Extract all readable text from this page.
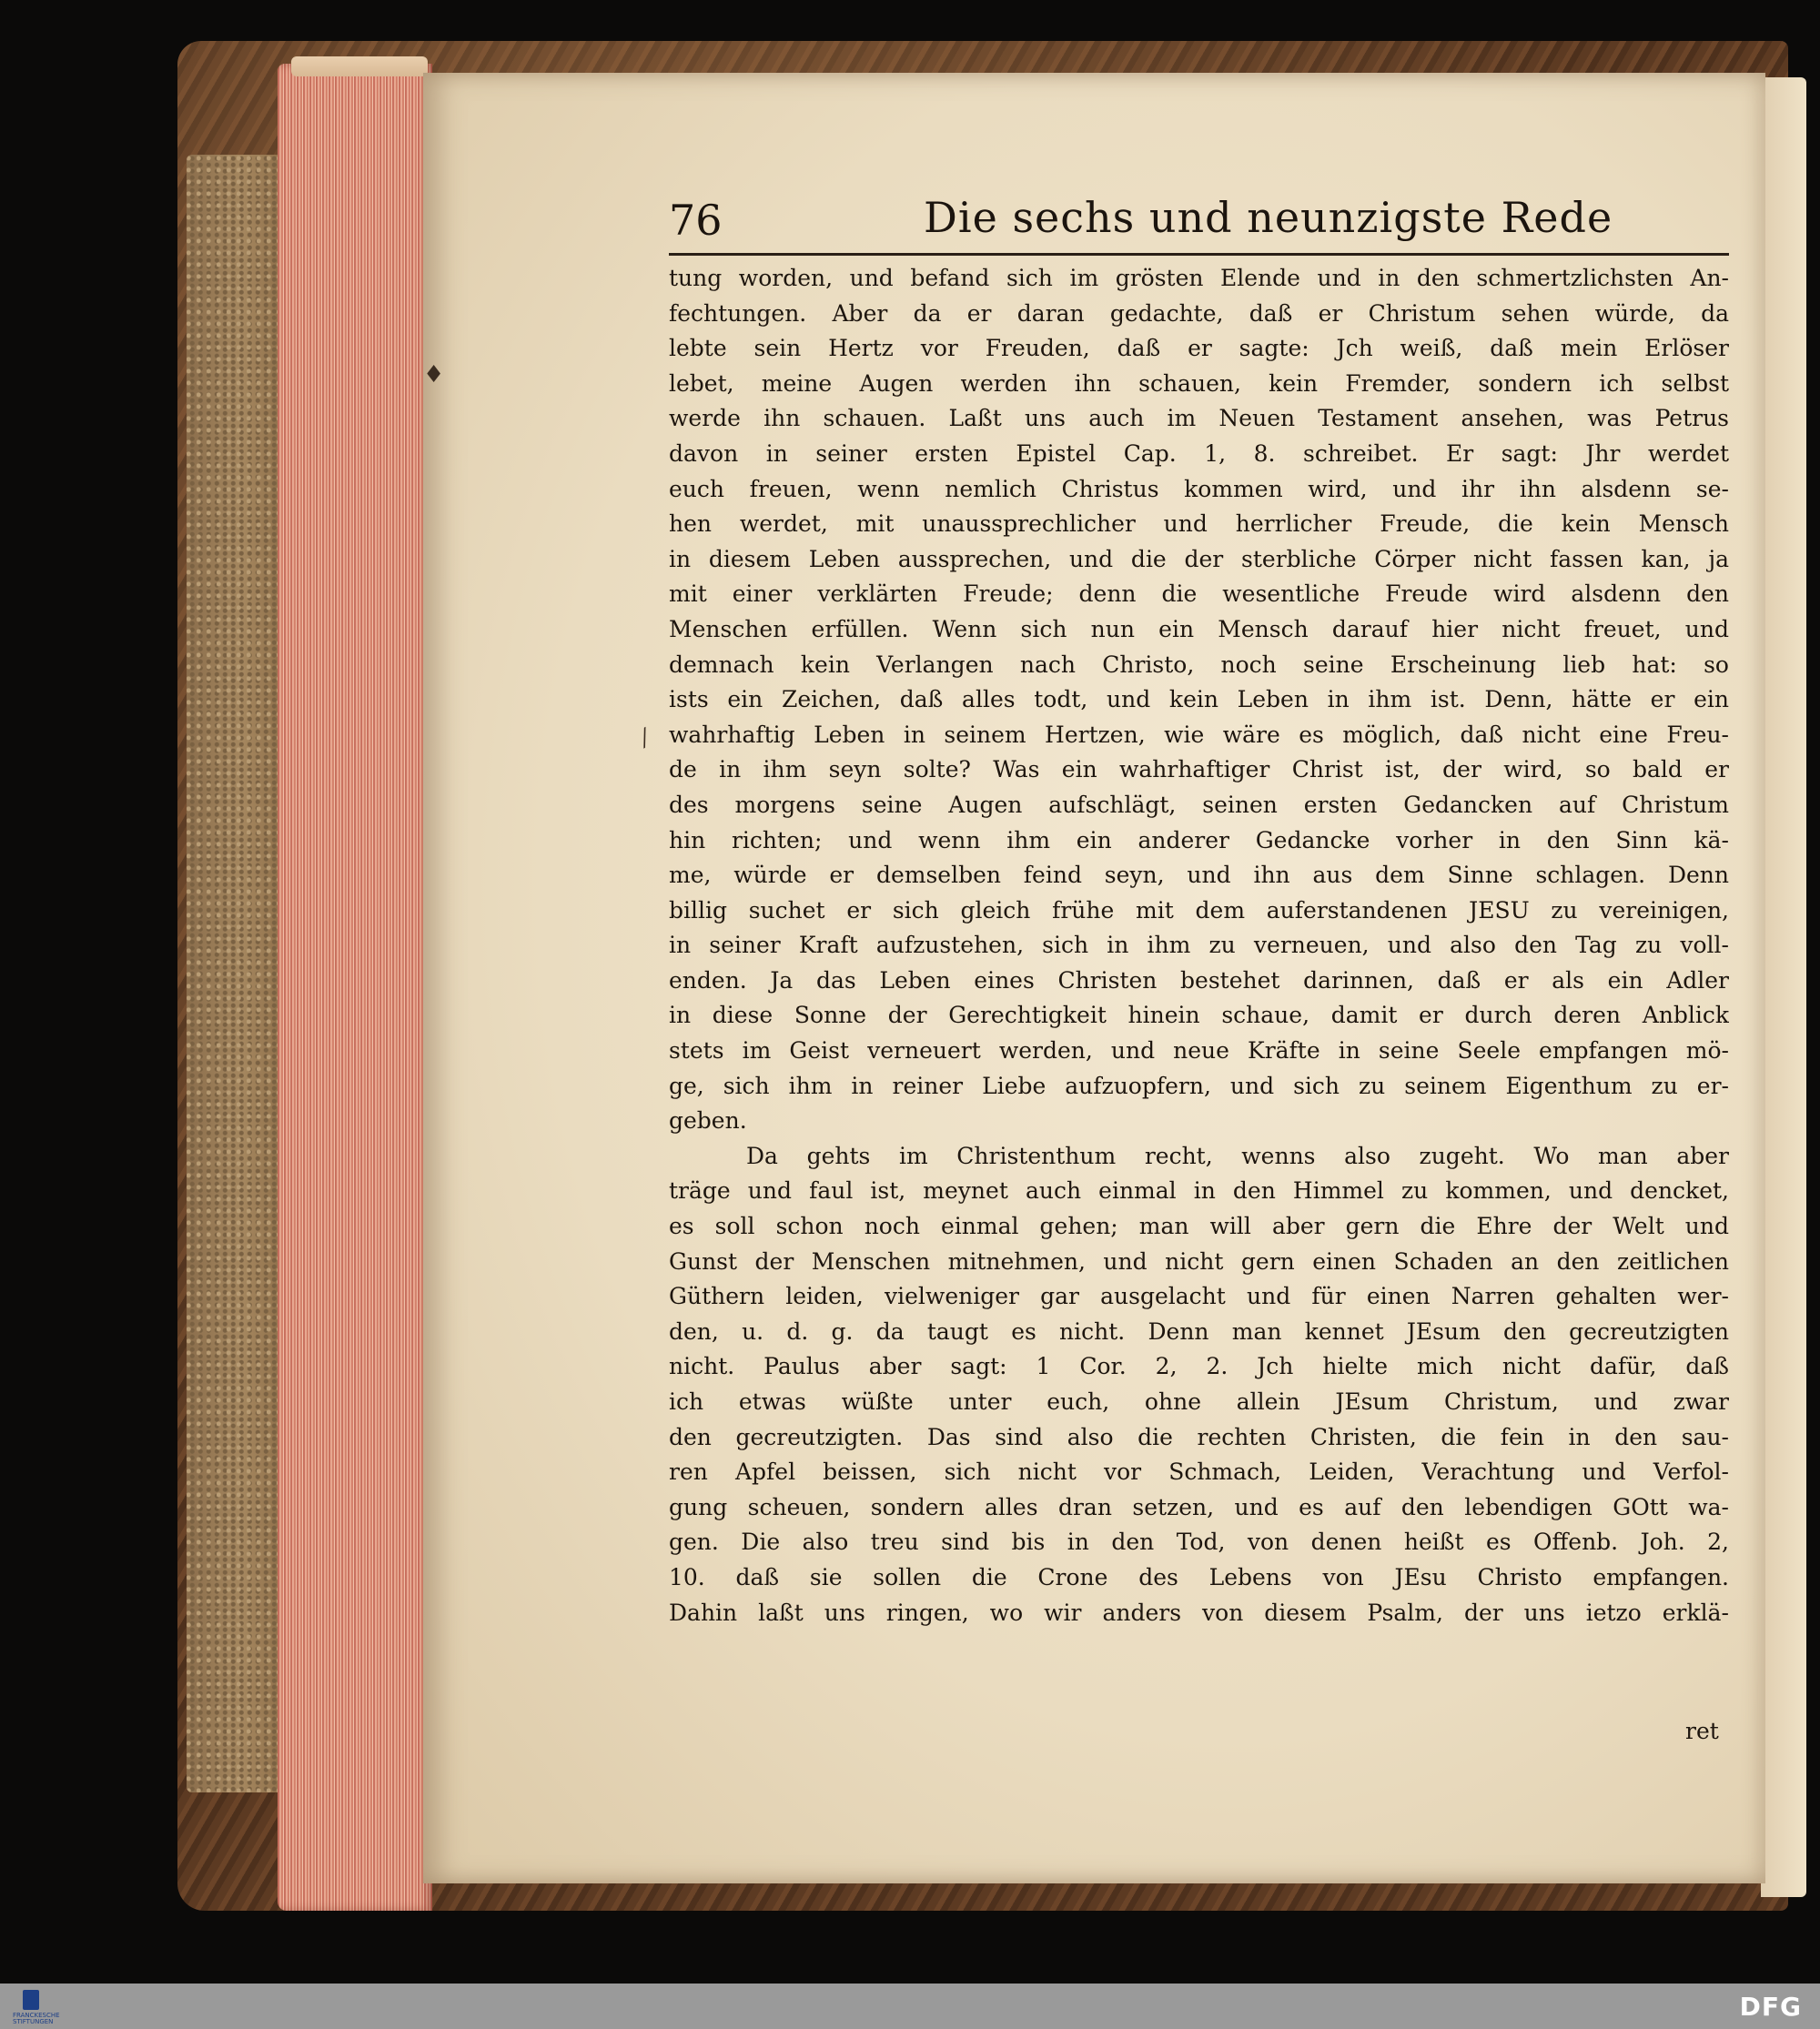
♦
⁄
76	Die sechs und neunzigste Rede
tung worden, und befand sich im grösten Elende und in den schmertzlichsten An-
fechtungen. Aber da er daran gedachte, daß er Christum sehen würde, da
lebte sein Hertz vor Freuden, daß er sagte: Jch weiß, daß mein Erlöser
lebet, meine Augen werden ihn schauen, kein Fremder, sondern ich selbst
werde ihn schauen. Laßt uns auch im Neuen Testament ansehen, was Petrus
davon in seiner ersten Epistel Cap. 1, 8. schreibet. Er sagt: Jhr werdet
euch freuen, wenn nemlich Christus kommen wird, und ihr ihn alsdenn se-
hen werdet, mit unaussprechlicher und herrlicher Freude, die kein Mensch
in diesem Leben aussprechen, und die der sterbliche Cörper nicht fassen kan, ja
mit einer verklärten Freude; denn die wesentliche Freude wird alsdenn den
Menschen erfüllen. Wenn sich nun ein Mensch darauf hier nicht freuet, und
demnach kein Verlangen nach Christo, noch seine Erscheinung lieb hat: so
ists ein Zeichen, daß alles todt, und kein Leben in ihm ist. Denn, hätte er ein
wahrhaftig Leben in seinem Hertzen, wie wäre es möglich, daß nicht eine Freu-
de in ihm seyn solte? Was ein wahrhaftiger Christ ist, der wird, so bald er
des morgens seine Augen aufschlägt, seinen ersten Gedancken auf Christum
hin richten; und wenn ihm ein anderer Gedancke vorher in den Sinn kä-
me, würde er demselben feind seyn, und ihn aus dem Sinne schlagen. Denn
billig suchet er sich gleich frühe mit dem auferstandenen JESU zu vereinigen,
in seiner Kraft aufzustehen, sich in ihm zu verneuen, und also den Tag zu voll-
enden. Ja das Leben eines Christen bestehet darinnen, daß er als ein Adler
in diese Sonne der Gerechtigkeit hinein schaue, damit er durch deren Anblick
stets im Geist verneuert werden, und neue Kräfte in seine Seele empfangen mö-
ge, sich ihm in reiner Liebe aufzuopfern, und sich zu seinem Eigenthum zu er-
geben.
Da gehts im Christenthum recht, wenns also zugeht. Wo man aber
träge und faul ist, meynet auch einmal in den Himmel zu kommen, und dencket,
es soll schon noch einmal gehen; man will aber gern die Ehre der Welt und
Gunst der Menschen mitnehmen, und nicht gern einen Schaden an den zeitlichen
Güthern leiden, vielweniger gar ausgelacht und für einen Narren gehalten wer-
den, u. d. g. da taugt es nicht. Denn man kennet JEsum den gecreutzigten
nicht. Paulus aber sagt: 1 Cor. 2, 2. Jch hielte mich nicht dafür, daß
ich etwas wüßte unter euch, ohne allein JEsum Christum, und zwar
den gecreutzigten. Das sind also die rechten Christen, die fein in den sau-
ren Apfel beissen, sich nicht vor Schmach, Leiden, Verachtung und Verfol-
gung scheuen, sondern alles dran setzen, und es auf den lebendigen GOtt wa-
gen. Die also treu sind bis in den Tod, von denen heißt es Offenb. Joh. 2,
10. daß sie sollen die Crone des Lebens von JEsu Christo empfangen.
Dahin laßt uns ringen, wo wir anders von diesem Psalm, der uns ietzo erklä-
ret
FRANCKESCHE STIFTUNGEN	DFG
